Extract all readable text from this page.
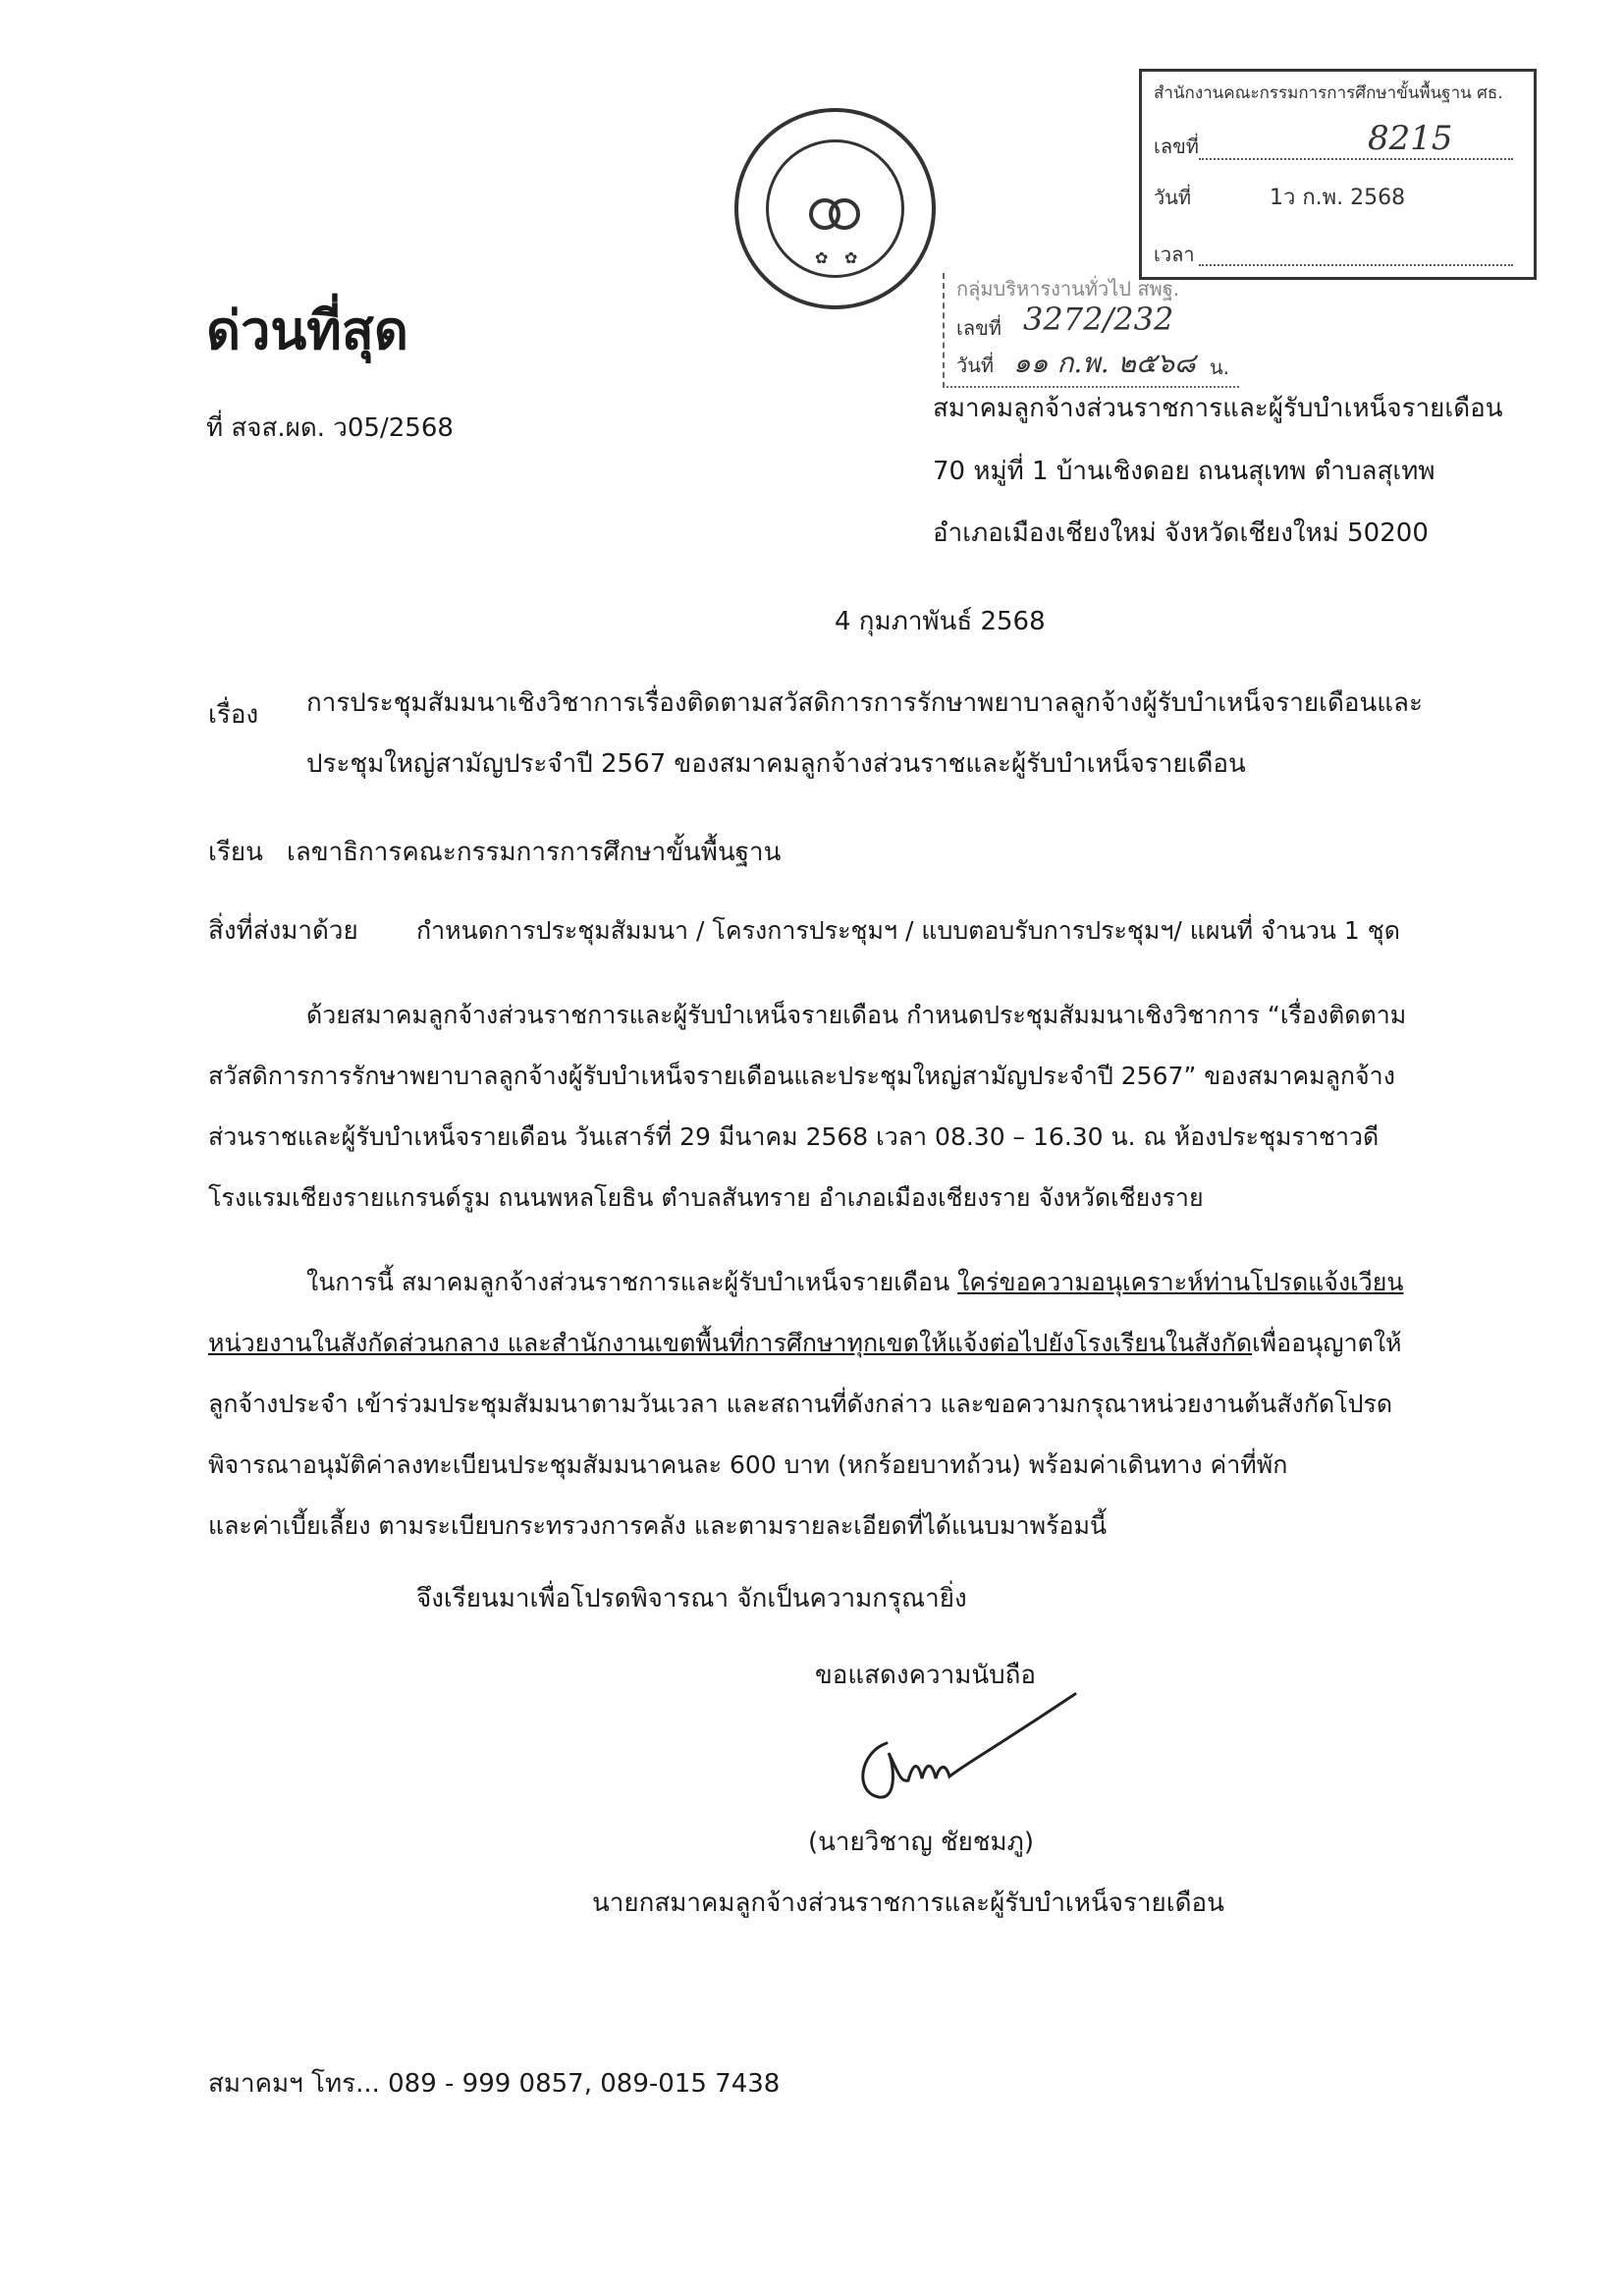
ด่วนที่สุด
ที่ สจส.ผด. ว05/2568
✿ ✿
สำนักงานคณะกรรมการการศึกษาขั้นพื้นฐาน ศธ.
เลขที่	8215
วันที่	1ว ก.พ. 2568
เวลา
กลุ่มบริหารงานทั่วไป สพฐ.
เลขที่ 3272/232
วันที่ ๑๑ ก.พ. ๒๕๖๘ น.
สมาคมลูกจ้างส่วนราชการและผู้รับบำเหน็จรายเดือน
70 หมู่ที่ 1 บ้านเชิงดอย ถนนสุเทพ ตำบลสุเทพ
อำเภอเมืองเชียงใหม่ จังหวัดเชียงใหม่ 50200
4 กุมภาพันธ์ 2568
เรื่อง การประชุมสัมมนาเชิงวิชาการเรื่องติดตามสวัสดิการการรักษาพยาบาลลูกจ้างผู้รับบำเหน็จรายเดือนและ
ประชุมใหญ่สามัญประจำปี 2567 ของสมาคมลูกจ้างส่วนราชและผู้รับบำเหน็จรายเดือน
เรียน เลขาธิการคณะกรรมการการศึกษาขั้นพื้นฐาน
สิ่งที่ส่งมาด้วย กำหนดการประชุมสัมมนา / โครงการประชุมฯ / แบบตอบรับการประชุมฯ/ แผนที่ จำนวน 1 ชุด
ด้วยสมาคมลูกจ้างส่วนราชการและผู้รับบำเหน็จรายเดือน กำหนดประชุมสัมมนาเชิงวิชาการ “เรื่องติดตาม
สวัสดิการการรักษาพยาบาลลูกจ้างผู้รับบำเหน็จรายเดือนและประชุมใหญ่สามัญประจำปี 2567” ของสมาคมลูกจ้าง
ส่วนราชและผู้รับบำเหน็จรายเดือน วันเสาร์ที่ 29 มีนาคม 2568 เวลา 08.30 – 16.30 น. ณ ห้องประชุมราชาวดี
โรงแรมเชียงรายแกรนด์รูม ถนนพหลโยธิน ตำบลสันทราย อำเภอเมืองเชียงราย จังหวัดเชียงราย
ในการนี้ สมาคมลูกจ้างส่วนราชการและผู้รับบำเหน็จรายเดือน ใคร่ขอความอนุเคราะห์ท่านโปรดแจ้งเวียน
หน่วยงานในสังกัดส่วนกลาง และสำนักงานเขตพื้นที่การศึกษาทุกเขตให้แจ้งต่อไปยังโรงเรียนในสังกัดเพื่ออนุญาตให้
ลูกจ้างประจำ เข้าร่วมประชุมสัมมนาตามวันเวลา และสถานที่ดังกล่าว และขอความกรุณาหน่วยงานต้นสังกัดโปรด
พิจารณาอนุมัติค่าลงทะเบียนประชุมสัมมนาคนละ 600 บาท (หกร้อยบาทถ้วน) พร้อมค่าเดินทาง ค่าที่พัก
และค่าเบี้ยเลี้ยง ตามระเบียบกระทรวงการคลัง และตามรายละเอียดที่ได้แนบมาพร้อมนี้
จึงเรียนมาเพื่อโปรดพิจารณา จักเป็นความกรุณายิ่ง
ขอแสดงความนับถือ
(นายวิชาญ ชัยชมภู)
นายกสมาคมลูกจ้างส่วนราชการและผู้รับบำเหน็จรายเดือน
สมาคมฯ โทร... 089 - 999 0857, 089-015 7438
